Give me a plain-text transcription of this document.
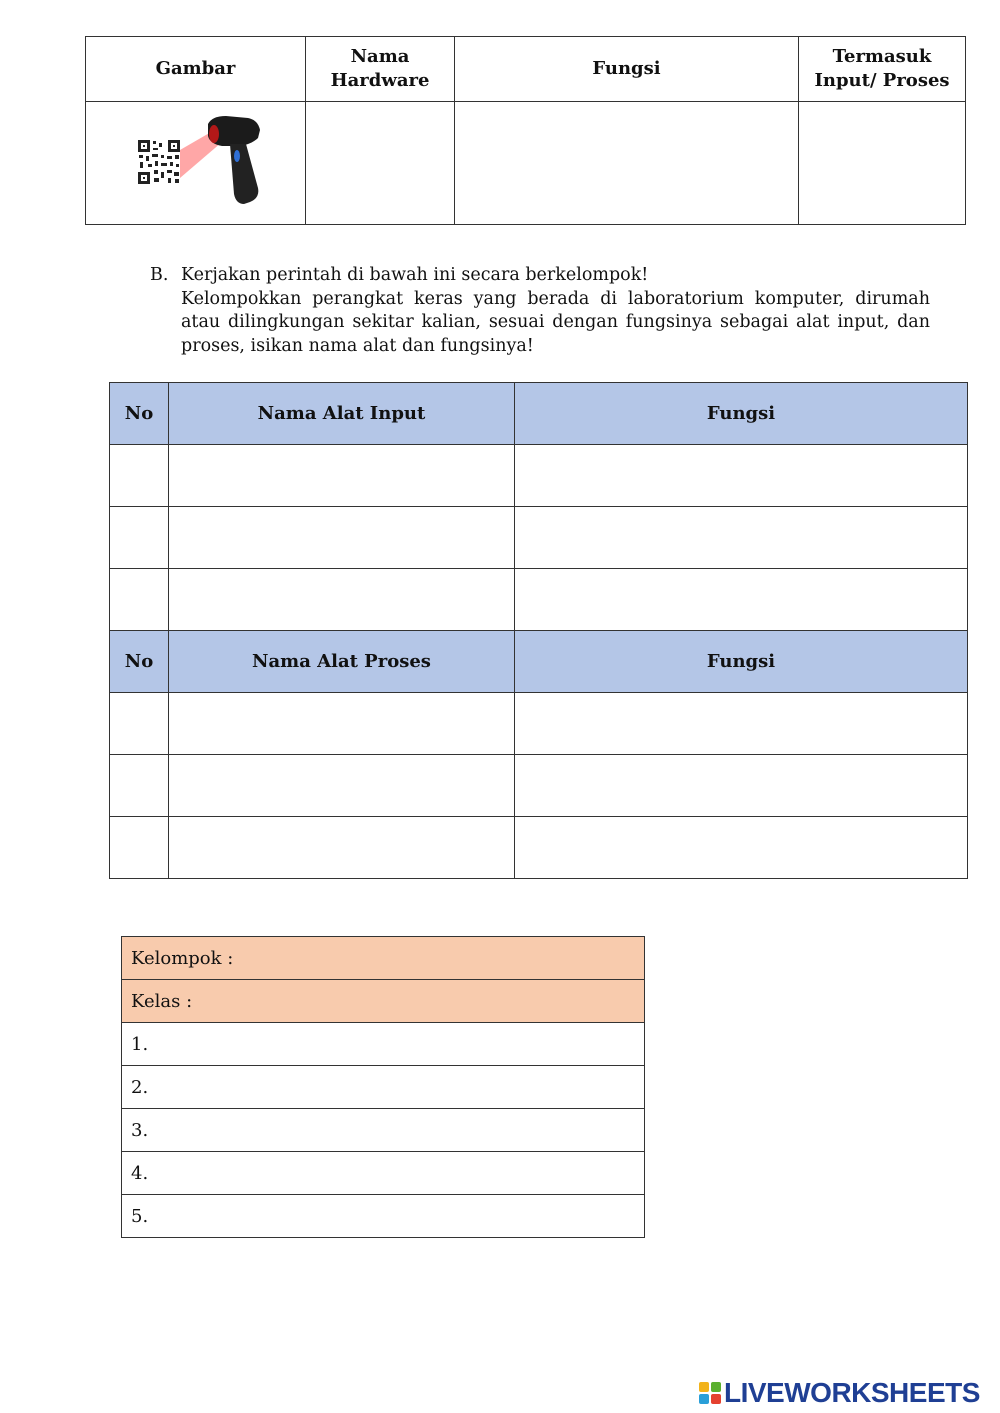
Gambar	Nama Hardware	Fungsi	Termasuk Input/ Proses

B. Kerjakan perintah di bawah ini secara berkelompok!
Kelompokkan perangkat keras yang berada di laboratorium komputer, dirumah atau dilingkungan sekitar kalian, sesuai dengan fungsinya sebagai alat input, dan proses, isikan nama alat dan fungsinya!
No	Nama Alat Input	Fungsi

No	Nama Alat Proses	Fungsi

Kelompok :
Kelas :
1.
2.
3.
4.
5.
LIVEWORKSHEETS
